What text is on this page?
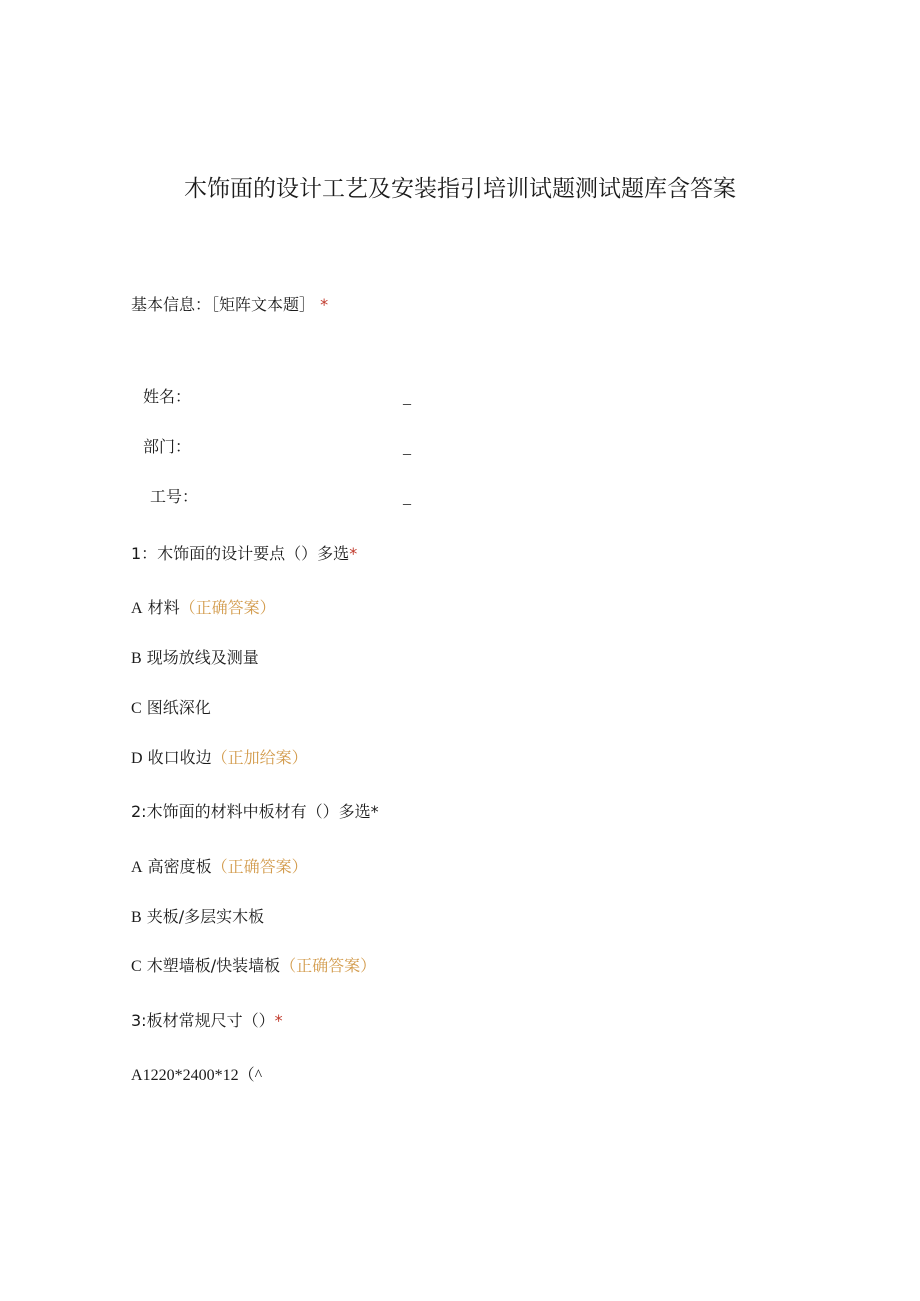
木饰面的设计工艺及安装指引培训试题测试题库含答案
基本信息：［矩阵文本题］ *
姓名：	_
部门：	_
工号：	_
1：木饰面的设计要点（）多选*
A 材料（正确答案）
B 现场放线及测量
C 图纸深化
D 收口收边（正加给案）
2:木饰面的材料中板材有（）多选*
A 高密度板（正确答案）
B 夹板/多层实木板
C 木塑墙板/快装墙板（正确答案）
3:板材常规尺寸（）*
A1220*2400*12（^
